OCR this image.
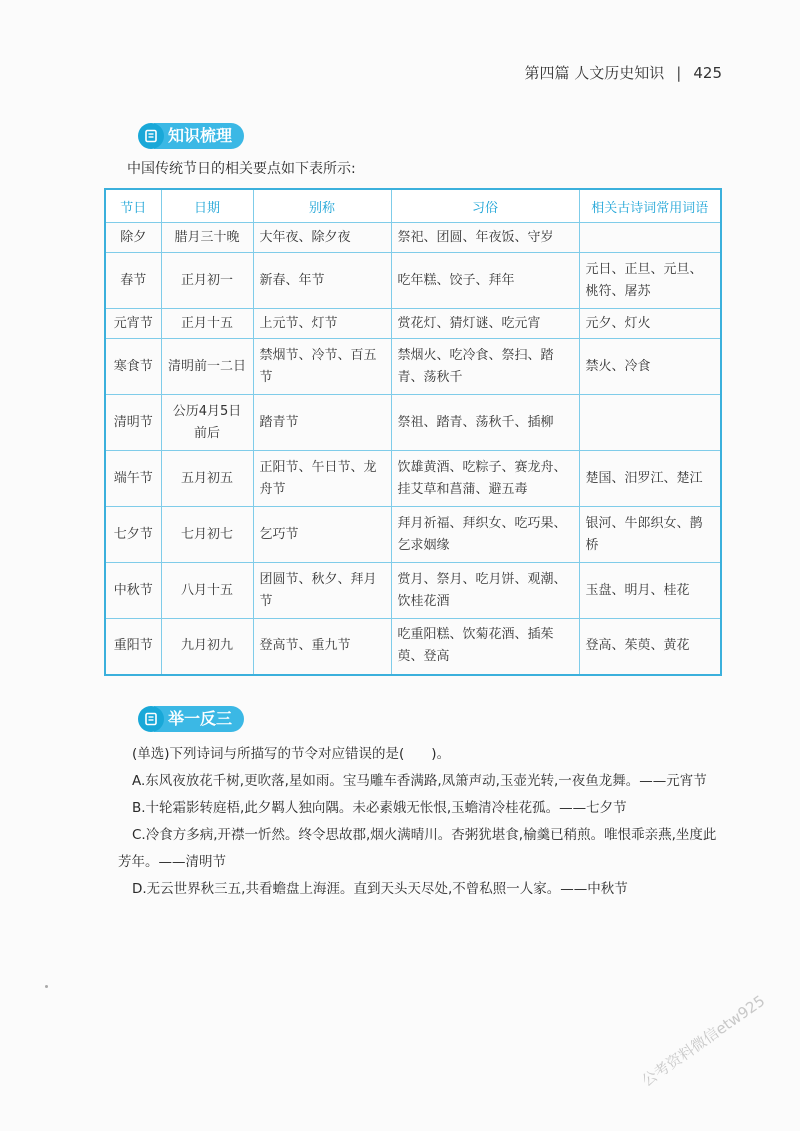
第四篇 人文历史知识 | 425
知识梳理
中国传统节日的相关要点如下表所示:
节日	日期	别称	习俗	相关古诗词常用词语
除夕	腊月三十晚	大年夜、除夕夜	祭祀、团圆、年夜饭、守岁	
春节	正月初一	新春、年节	吃年糕、饺子、拜年	元日、正旦、元旦、桃符、屠苏
元宵节	正月十五	上元节、灯节	赏花灯、猜灯谜、吃元宵	元夕、灯火
寒食节	清明前一二日	禁烟节、冷节、百五节	禁烟火、吃冷食、祭扫、踏青、荡秋千	禁火、冷食
清明节	公历4月5日前后	踏青节	祭祖、踏青、荡秋千、插柳	
端午节	五月初五	正阳节、午日节、龙舟节	饮雄黄酒、吃粽子、赛龙舟、挂艾草和菖蒲、避五毒	楚国、汨罗江、楚江
七夕节	七月初七	乞巧节	拜月祈福、拜织女、吃巧果、乞求姻缘	银河、牛郎织女、鹊桥
中秋节	八月十五	团圆节、秋夕、拜月节	赏月、祭月、吃月饼、观潮、饮桂花酒	玉盘、明月、桂花
重阳节	九月初九	登高节、重九节	吃重阳糕、饮菊花酒、插茱萸、登高	登高、茱萸、黄花
举一反三

(单选)下列诗词与所描写的节令对应错误的是(　　)。

A.东风夜放花千树,更吹落,星如雨。宝马雕车香满路,凤箫声动,玉壶光转,一夜鱼龙舞。——元宵节

B.十轮霜影转庭梧,此夕羁人独向隅。未必素娥无怅恨,玉蟾清冷桂花孤。——七夕节

C.冷食方多病,开襟一忻然。终令思故郡,烟火满晴川。杏粥犹堪食,榆羹已稍煎。唯恨乖亲燕,坐度此芳年。——清明节

D.无云世界秋三五,共看蟾盘上海涯。直到天头天尽处,不曾私照一人家。——中秋节

公考资料微信etw925
